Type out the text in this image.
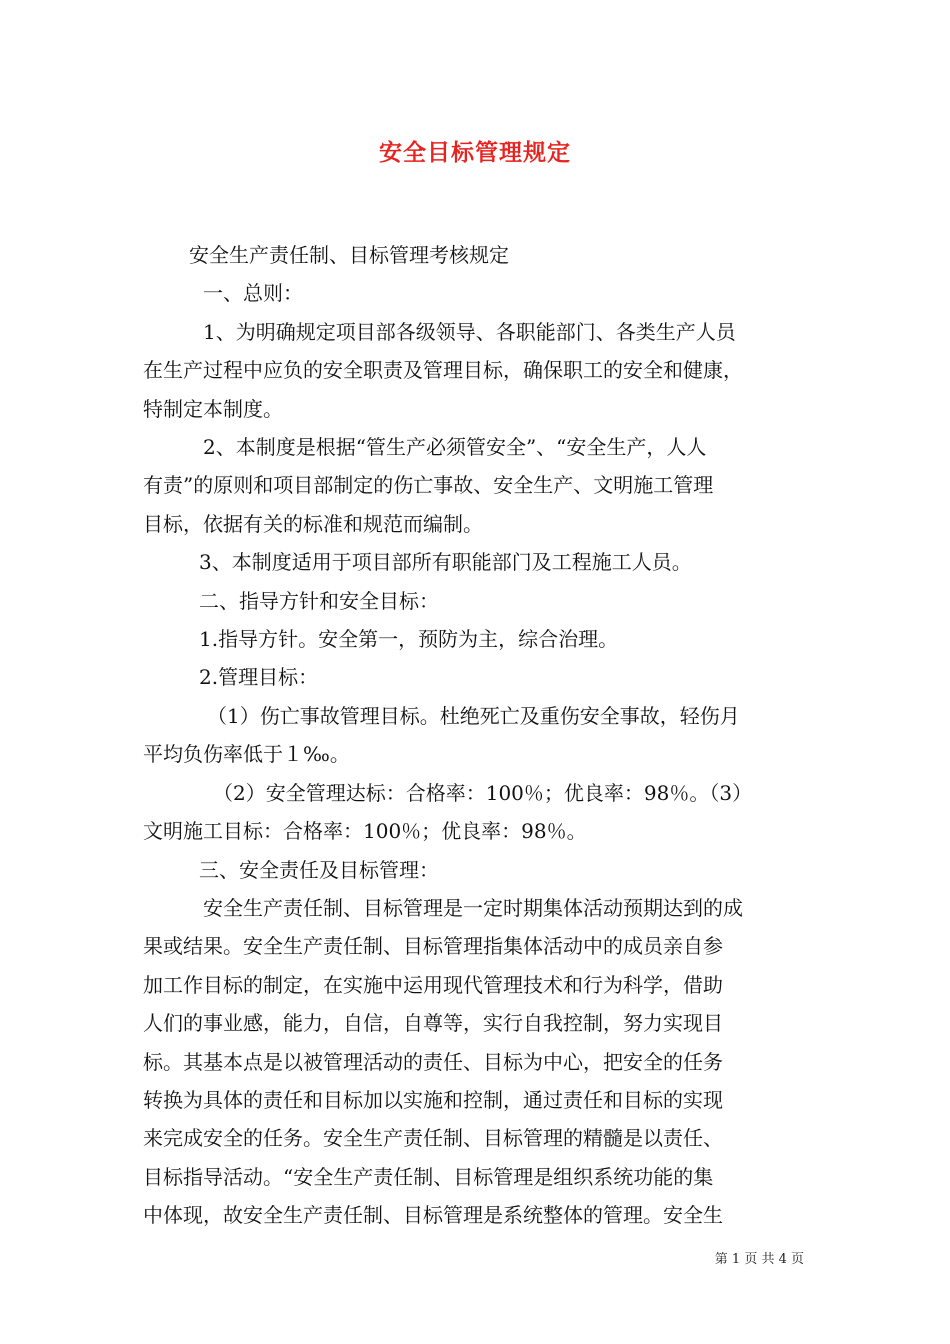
安全目标管理规定

安全生产责任制、目标管理考核规定

一、总则：

1、为明确规定项目部各级领导、各职能部门、各类生产人员

在生产过程中应负的安全职责及管理目标，确保职工的安全和健康，

特制定本制度。

2、本制度是根据“管生产必须管安全”、“安全生产，人人

有责”的原则和项目部制定的伤亡事故、安全生产、文明施工管理

目标，依据有关的标准和规范而编制。

3、本制度适用于项目部所有职能部门及工程施工人员。

二、指导方针和安全目标：

1.指导方针。安全第一，预防为主，综合治理。

2.管理目标：

（1）伤亡事故管理目标。杜绝死亡及重伤安全事故，轻伤月

平均负伤率低于１‰。

（2）安全管理达标：合格率：100％；优良率：98％。（3）

文明施工目标：合格率：100％；优良率：98％。

三、安全责任及目标管理：

安全生产责任制、目标管理是一定时期集体活动预期达到的成

果或结果。安全生产责任制、目标管理指集体活动中的成员亲自参

加工作目标的制定，在实施中运用现代管理技术和行为科学，借助

人们的事业感，能力，自信，自尊等，实行自我控制，努力实现目

标。其基本点是以被管理活动的责任、目标为中心，把安全的任务

转换为具体的责任和目标加以实施和控制，通过责任和目标的实现

来完成安全的任务。安全生产责任制、目标管理的精髓是以责任、

目标指导活动。“安全生产责任制、目标管理是组织系统功能的集

中体现，故安全生产责任制、目标管理是系统整体的管理。安全生

第 1 页 共 4 页
